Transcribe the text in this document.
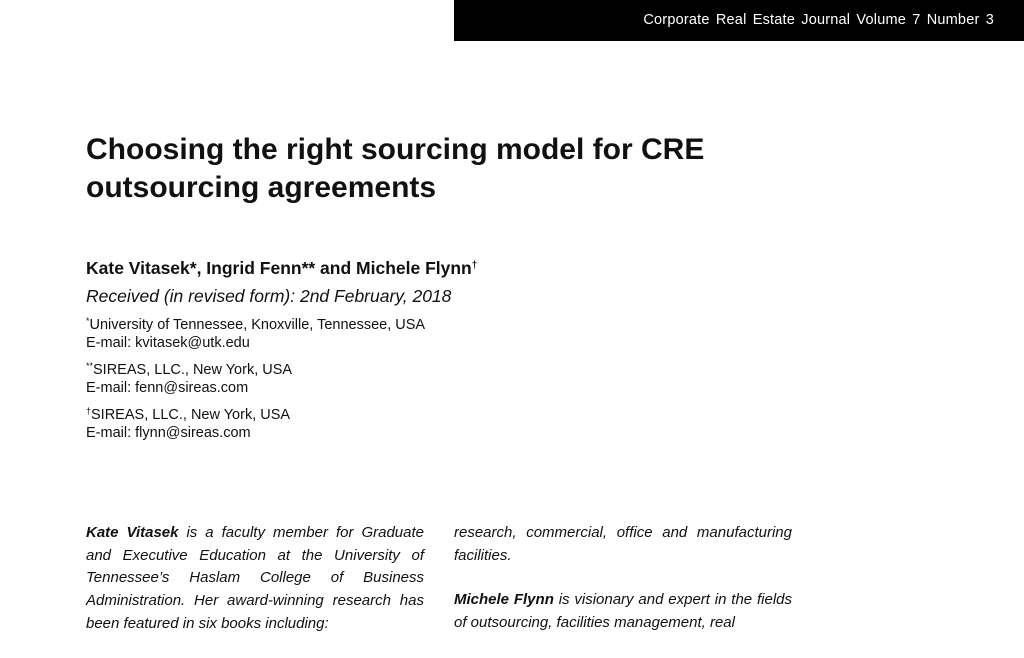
Corporate Real Estate Journal Volume 7 Number 3
Choosing the right sourcing model for CRE outsourcing agreements

Kate Vitasek*, Ingrid Fenn** and Michele Flynn†

Received (in revised form): 2nd February, 2018

*University of Tennessee, Knoxville, Tennessee, USA
E-mail: kvitasek@utk.edu
**SIREAS, LLC., New York, USA
E-mail: fenn@sireas.com
†SIREAS, LLC., New York, USA
E-mail: flynn@sireas.com

Kate Vitasek is a faculty member for Graduate and Executive Education at the University of Tennessee’s Haslam College of Business Administration. Her award-winning research has been featured in six books including:

research, commercial, office and manufacturing facilities.

Michele Flynn is visionary and expert in the fields of outsourcing, facilities management, real
